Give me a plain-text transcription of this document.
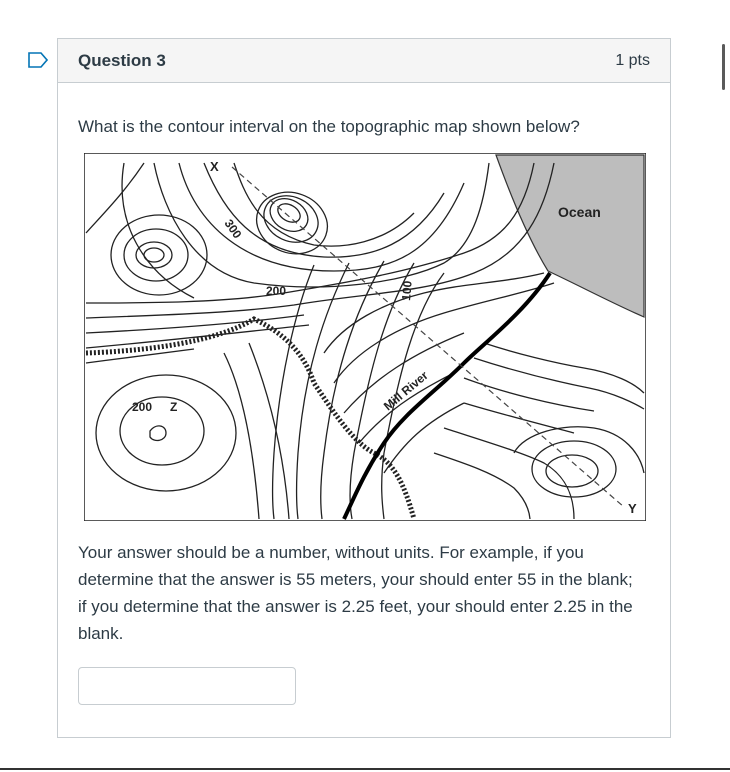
Question 3	1 pts
What is the contour interval on the topographic map shown below?
Ocean
Mill River
X
Y
Z
300
200	100
200
Your answer should be a number, without units. For example, if you determine that the answer is 55 meters, your should enter 55 in the blank; if you determine that the answer is 2.25 feet, your should enter 2.25 in the blank.
